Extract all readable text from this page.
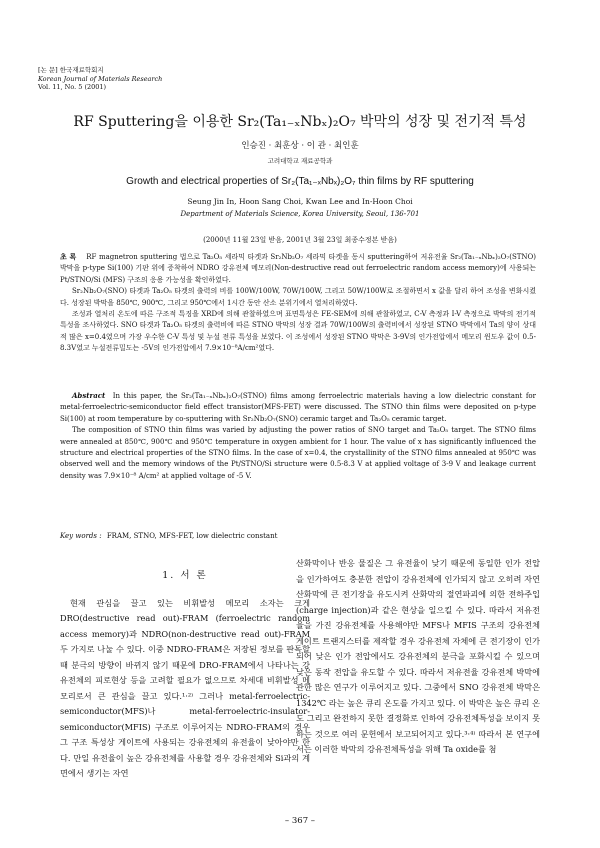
[논 문] 한국재료학회지
Korean Journal of Materials Research
Vol. 11, No. 5 (2001)
RF Sputtering을 이용한 Sr₂(Ta₁₋ₓNbₓ)₂O₇ 박막의 성장 및 전기적 특성
인승진 · 최훈상 · 이 관 · 최인훈
고려대학교 재료공학과
Growth and electrical properties of Sr₂(Ta₁₋ₓNbₓ)₂O₇ thin films by RF sputtering
Seung Jin In, Hoon Sang Choi, Kwan Lee and In-Hoon Choi
Department of Materials Science, Korea University, Seoul, 136-701
(2000년 11월 23일 받음, 2001년 3월 23일 최종수정본 받음)

초 록 RF magnetron sputtering 법으로 Ta₂O₅ 세라믹 타겟과 Sr₂Nb₂O₇ 세라믹 타겟을 동시 sputtering하여 저유전율 Sr₂(Ta₁₋ₓNbₓ)₂O₇(STNO) 박막을 p-type Si(100) 기판 위에 증착하여 NDRO 강유전체 메모리(Non-destructive read out ferroelectric random access memory)에 사용되는 Pt/STNO/Si (MFS) 구조의 응용 가능성을 확인하였다.

Sr₂Nb₂O₇(SNO) 타겟과 Ta₂O₅ 타겟의 출력의 비를 100W/100W, 70W/100W, 그리고 50W/100W로 조절하면서 x 값을 달리 하여 조성을 변화시켰다. 성장된 박막을 850℃, 900℃, 그리고 950℃에서 1시간 동안 산소 분위기에서 열처리하였다.

조성과 열처리 온도에 따른 구조적 특징을 XRD에 의해 관찰하였으며 표면특성은 FE-SEM에 의해 관찰하였고, C-V 측정과 I-V 측정으로 박막의 전기적 특성을 조사하였다. SNO 타겟과 Ta₂O₅ 타겟의 출력비에 따른 STNO 박막의 성장 결과 70W/100W의 출력비에서 성장된 STNO 박막에서 Ta의 양이 상대적 많은 x=0.4였으며 가장 우수한 C-V 특성 및 누설 전류 특성을 보였다. 이 조성에서 성장된 STNO 박막은 3-9V의 인가전압에서 메모리 윈도우 값이 0.5-8.3V였고 누설전류밀도는 -5V의 인가전압에서 7.9×10⁻⁸A/cm²였다.

Abstract In this paper, the Sr₂(Ta₁₋ₓNbₓ)₂O₇(STNO) films among ferroelectric materials having a low dielectric constant for metal-ferroelectric-semiconductor field effect transistor(MFS-FET) were discussed. The STNO thin films were deposited on p-type Si(100) at room temperature by co-sputtering with Sr₂Nb₂O₇(SNO) ceramic target and Ta₂O₅ ceramic target.

The composition of STNO thin films was varied by adjusting the power ratios of SNO target and Ta₂O₅ target. The STNO films were annealed at 850℃, 900℃ and 950℃ temperature in oxygen ambient for 1 hour. The value of x has significantly influenced the structure and electrical properties of the STNO films. In the case of x=0.4, the crystallinity of the STNO films annealed at 950℃ was observed well and the memory windows of the Pt/STNO/Si structure were 0.5-8.3 V at applied voltage of 3-9 V and leakage current density was 7.9×10⁻⁸ A/cm² at applied voltage of -5 V.

Key words : FRAM, STNO, MFS-FET, low dielectric constant
1. 서 론

현재 관심을 끌고 있는 비휘발성 메모리 소자는 크게 DRO(destructive read out)-FRAM (ferroelectric random access memory)과 NDRO(non-destructive read out)-FRAM 두 가지로 나눌 수 있다. 이중 NDRO-FRAM은 저장된 정보를 판독할 때 분극의 방향이 바뀌지 않기 때문에 DRO-FRAM에서 나타나는 강유전체의 피로현상 등을 고려할 필요가 없으므로 차세대 비휘발성 메모리로서 큰 관심을 끌고 있다.¹·²⁾ 그러나 metal-ferroelectric-semiconductor(MFS)나 metal-ferroelectric-insulator-semiconductor(MFIS) 구조로 이루어지는 NDRO-FRAM의 경우 그 구조 특성상 게이트에 사용되는 강유전체의 유전율이 낮아야만 한다. 만일 유전율이 높은 강유전체를 사용할 경우 강유전체와 Si과의 계면에서 생기는 자연

산화막이나 반응 물질은 그 유전율이 낮기 때문에 동일한 인가 전압을 인가하여도 충분한 전압이 강유전체에 인가되지 않고 오히려 자연 산화막에 큰 전기장을 유도시켜 산화막의 절연파괴에 의한 전하주입 (charge injection)과 같은 현상을 일으킬 수 있다. 따라서 저유전율을 가진 강유전체를 사용해야만 MFS나 MFIS 구조의 강유전체 게이트 트랜지스터를 제작할 경우 강유전체 자체에 큰 전기장이 인가되어 낮은 인가 전압에서도 강유전체의 분극을 포화시킬 수 있으며 낮은 동작 전압을 유도할 수 있다. 따라서 저유전율 강유전체 박막에 관한 많은 연구가 이루어지고 있다. 그중에서 SNO 강유전체 박막은 1342℃ 라는 높은 큐리 온도를 가지고 있다. 이 박막은 높은 큐리 온도 그리고 완전하지 못한 결정화로 인하여 강유전체특성을 보이지 못하는 것으로 여러 문헌에서 보고되어지고 있다.³·⁴⁾ 따라서 본 연구에서는 이러한 박막의 강유전체특성을 위해 Ta oxide를 첨

– 367 –
